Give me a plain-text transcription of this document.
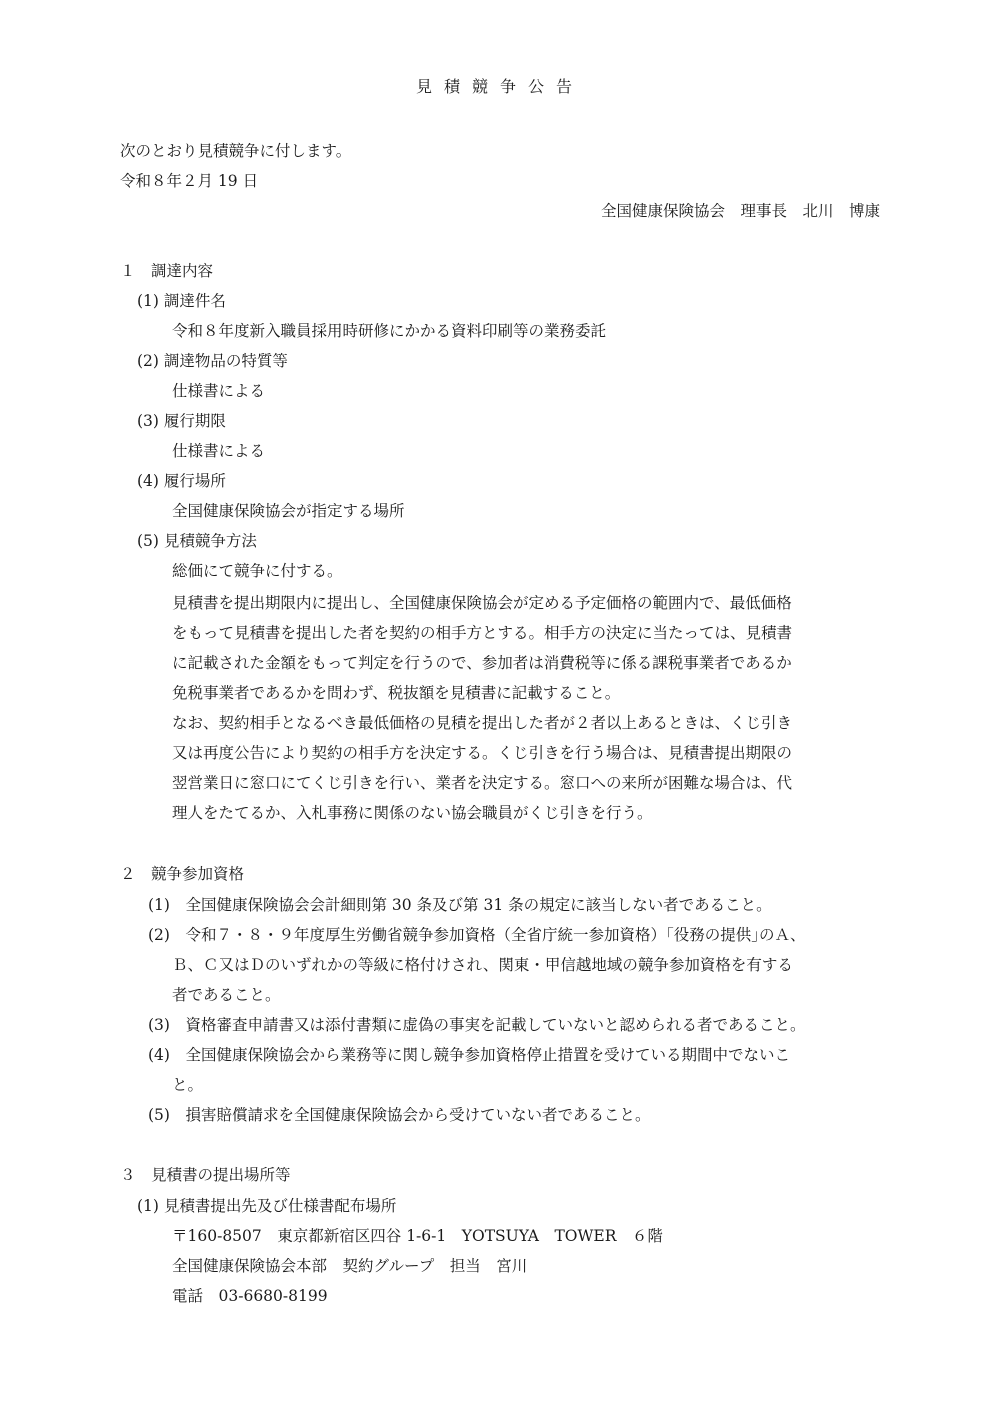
見積競争公告
次のとおり見積競争に付します。
令和８年２月 19 日
全国健康保険協会　理事長　北川　博康
１　調達内容
(1) 調達件名
令和８年度新入職員採用時研修にかかる資料印刷等の業務委託
(2) 調達物品の特質等
仕様書による
(3) 履行期限
仕様書による
(4) 履行場所
全国健康保険協会が指定する場所
(5) 見積競争方法
総価にて競争に付する。
見積書を提出期限内に提出し、全国健康保険協会が定める予定価格の範囲内で、最低価格
をもって見積書を提出した者を契約の相手方とする。相手方の決定に当たっては、見積書
に記載された金額をもって判定を行うので、参加者は消費税等に係る課税事業者であるか
免税事業者であるかを問わず、税抜額を見積書に記載すること。
なお、契約相手となるべき最低価格の見積を提出した者が２者以上あるときは、くじ引き
又は再度公告により契約の相手方を決定する。くじ引きを行う場合は、見積書提出期限の
翌営業日に窓口にてくじ引きを行い、業者を決定する。窓口への来所が困難な場合は、代
理人をたてるか、入札事務に関係のない協会職員がくじ引きを行う。
２　競争参加資格
(1)　全国健康保険協会会計細則第 30 条及び第 31 条の規定に該当しない者であること。
(2)　令和７・８・９年度厚生労働省競争参加資格（全省庁統一参加資格）｢役務の提供｣のＡ、
Ｂ、Ｃ又はＤのいずれかの等級に格付けされ、関東・甲信越地域の競争参加資格を有する
者であること。
(3)　資格審査申請書又は添付書類に虚偽の事実を記載していないと認められる者であること。
(4)　全国健康保険協会から業務等に関し競争参加資格停止措置を受けている期間中でないこ
と。
(5)　損害賠償請求を全国健康保険協会から受けていない者であること。
３　見積書の提出場所等
(1) 見積書提出先及び仕様書配布場所
〒160-8507　東京都新宿区四谷 1-6-1　YOTSUYA　TOWER　６階
全国健康保険協会本部　契約グループ　担当　宮川
電話　03-6680-8199
